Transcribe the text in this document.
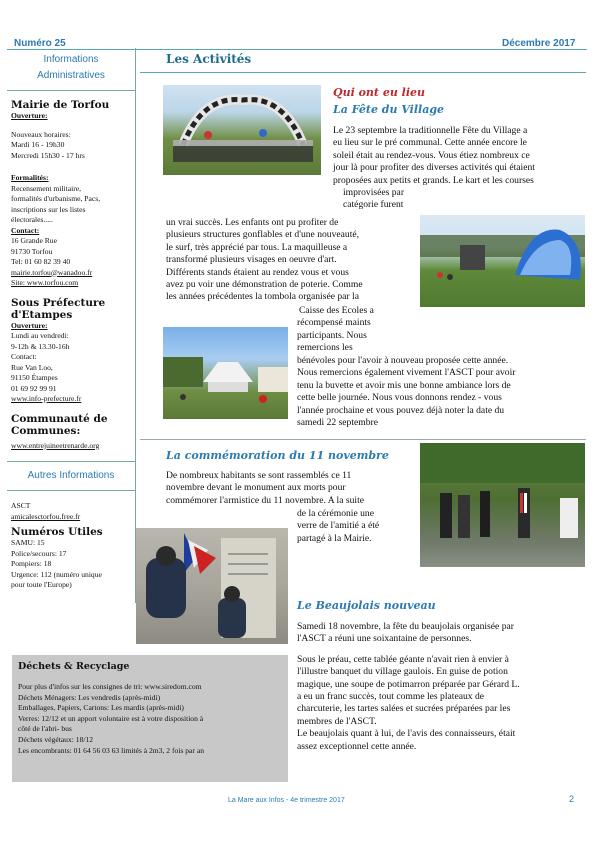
Numéro 25	Décembre 2017
Informations
Administratives
Mairie de Torfou
Ouverture:
Nouveaux horaires:
Mardi 16 - 19h30
Mercredi 15h30 - 17 hrs
Formalités:
Recensement militaire,
formalités d'urbanisme, Pacs,
inscriptions sur les listes
électorales.....
Contact:
16 Grande Rue
91730 Torfou
Tel: 01 60 82 39 40
mairie.torfou@wanadoo.fr
Site: www.torfou.com
Sous Préfecture
d'Etampes
Ouverture:
Lundi au vendredi:
9-12h & 13.30-16h
Contact:
Rue Van Loo,
91150 Étampes
01 69 92 99 91
www.info-prefecture.fr
Communauté de
Communes:
www.entrejuineetrenarde.org
Autres Informations
ASCT
amicalesctorfou.free.fr
Numéros Utiles
SAMU: 15
Police/secours: 17
Pompiers: 18
Urgence: 112 (numéro unique
pour toute l'Europe)
Les Activités
Qui ont eu lieu
La Fête du Village
Le 23 septembre la traditionnelle Fête du Village a
eu lieu sur le pré communal. Cette année encore le
soleil était au rendez-vous. Vous étiez nombreux ce
jour là pour profiter des diverses activités qui étaient
proposées aux petits et grands. Le kart et les courses
improvisées par
catégorie furent
un vrai succès. Les enfants ont pu profiter de
plusieurs structures gonflables et d'une nouveauté,
le surf, très apprécié par tous. La maquilleuse a
transformé plusieurs visages en oeuvre d'art.
Différents stands étaient au rendez vous et vous
avez pu voir une démonstration de poterie. Comme
les années précédentes la tombola organisée par la
Caisse des Ecoles a
récompensé maints
participants. Nous
remercions les
bénévoles pour l'avoir à nouveau proposée cette année.
Nous remercions également vivement l'ASCT pour avoir
tenu la buvette et avoir mis une bonne ambiance lors de
cette belle journée. Nous vous donnons rendez - vous
l'année prochaine et vous pouvez déjà noter la date du
samedi 22 septembre
La commémoration du 11 novembre
De nombreux habitants se sont rassemblés ce 11
novembre devant le monument aux morts pour
commémorer l'armistice du 11 novembre. A la suite
de la cérémonie une
verre de l'amitié a été
partagé à la Mairie.
Le Beaujolais nouveau
Samedi 18 novembre, la fête du beaujolais organisée par
l'ASCT a réuni une soixantaine de personnes.
Sous le préau, cette tablée géante n'avait rien à envier à
l'illustre banquet du village gaulois. En guise de potion
magique, une soupe de potimarron préparée par Gérard L.
a eu un franc succès, tout comme les plateaux de
charcuterie, les tartes salées et sucrées préparées par les
membres de l'ASCT.
Le beaujolais quant à lui, de l'avis des connaisseurs, était
assez exceptionnel cette année.
Déchets & Recyclage
Pour plus d'infos sur les consignes de tri: www.siredom.com
Déchets Ménagers: Les vendredis (après-midi)
Emballages, Papiers, Cartons: Les mardis (après-midi)
Verres: 12/12 et un apport volontaire est à votre disposition à
côté de l'abri- bus
Déchets végétaux: 18/12
Les encombrants: 01 64 56 03 63 limités à 2m3, 2 fois par an
La Mare aux Infos - 4e trimestre 2017	2
